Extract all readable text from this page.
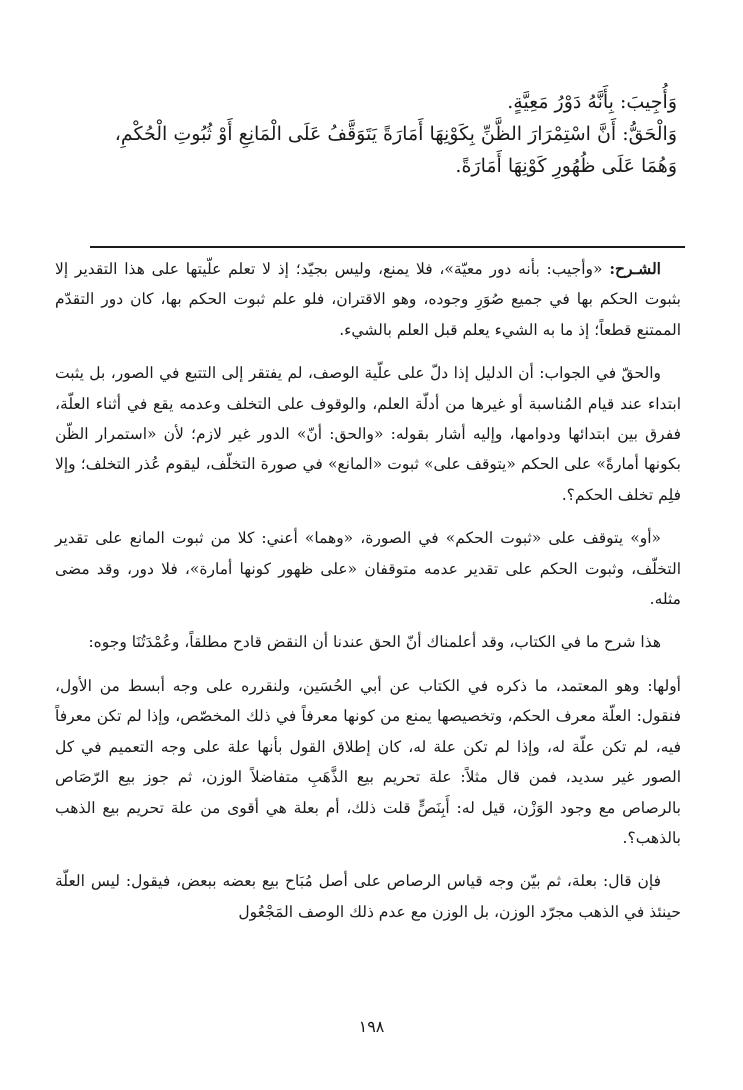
وَأُجِيبَ: بِأَنَّهُ دَوْرُ مَعِيَّةٍ.

وَالْحَقُّ: أَنَّ اسْتِمْرَارَ الظَّنِّ بِكَوْنِهَا أَمَارَةً يَتَوَقَّفُ عَلَى الْمَانِعِ أَوْ ثُبُوتِ الْحُكْمِ،

وَهُمَا عَلَى ظُهُورِ كَوْنِهَا أَمَارَةً.

الشـرح: «وأجيب: بأنه دور معيّة»، فلا يمنع، وليس بجيّد؛ إذ لا تعلم علّيتها على هذا التقدير إلا بثبوت الحكم بها في جميع صُوَرِ وجوده، وهو الاقتران، فلو علم ثبوت الحكم بها، كان دور التقدّم الممتنع قطعاً؛ إذ ما به الشيء يعلم قبل العلم بالشيء.

والحقّ في الجواب: أن الدليل إذا دلّ على علّية الوصف، لم يفتقر إلى التتبع في الصور، بل يثبت ابتداء عند قيام المُناسبة أو غيرها من أدلّة العلم، والوقوف على التخلف وعدمه يقع في أثناء العلّة، ففرق بين ابتدائها ودوامها، وإليه أشار بقوله: «والحق: أنّ» الدور غير لازم؛ لأن «استمرار الظّن بكونها أمارةً» على الحكم «يتوقف على» ثبوت «المانع» في صورة التخلّف، ليقوم عُذر التخلف؛ وإلا فلِم تخلف الحكم؟.

«أو» يتوقف على «ثبوت الحكم» في الصورة، «وهما» أعني: كلا من ثبوت المانع على تقدير التخلّف، وثبوت الحكم على تقدير عدمه متوقفان «على ظهور كونها أمارة»، فلا دور، وقد مضى مثله.

هذا شرح ما في الكتاب، وقد أعلمناك أنّ الحق عندنا أن النقض قادح مطلقاً، وعُمْدَتُنَا وجوه:

أولها: وهو المعتمد، ما ذكره في الكتاب عن أبي الحُسَين، ولنقرره على وجه أبسط من الأول، فنقول: العلّة معرف الحكم، وتخصيصها يمنع من كونها معرفاً في ذلك المخصّص، وإذا لم تكن معرفاً فيه، لم تكن علّة له، وإذا لم تكن علة له، كان إطلاق القول بأنها علة على وجه التعميم في كل الصور غير سديد، فمن قال مثلاً: علة تحريم بيع الذَّهَبِ متفاضلاً الوزن، ثم جوز بيع الرّصَاص بالرصاص مع وجود الوَزْن، قيل له: أَبِنَصٍّ قلت ذلك، أم بعلة هي أقوى من علة تحريم بيع الذهب بالذهب؟.

فإن قال: بعلة، ثم بيّن وجه قياس الرصاص على أصل مُبَاح بيع بعضه ببعض، فيقول: ليس العلّة حينئذ في الذهب مجرّد الوزن، بل الوزن مع عدم ذلك الوصف المَجْعُول

١٩٨
